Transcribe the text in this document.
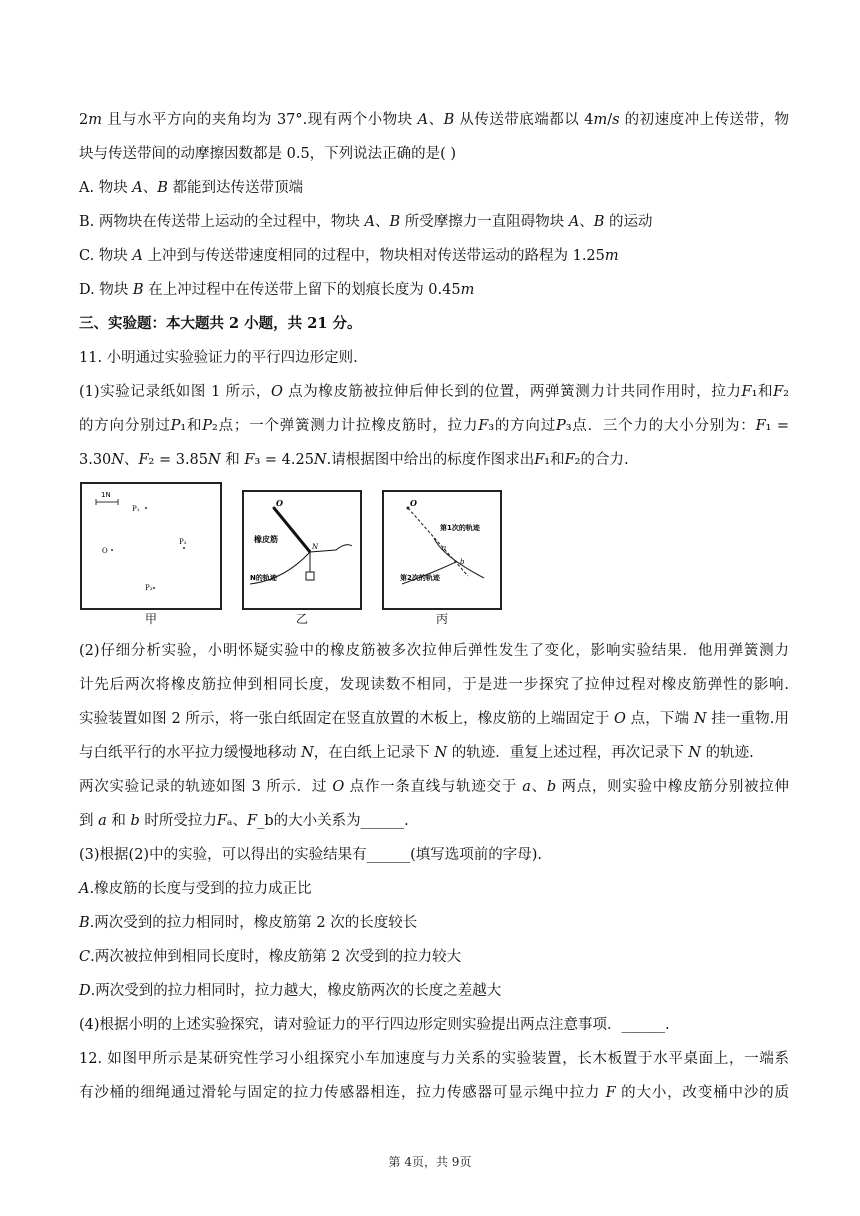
2𝑚 且与水平方向的夹角均为 37°.现有两个小物块 𝐴、𝐵 从传送带底端都以 4𝑚/𝑠 的初速度冲上传送带，物
块与传送带间的动摩擦因数都是 0.5，下列说法正确的是( )
A. 物块 𝐴、𝐵 都能到达传送带顶端
B. 两物块在传送带上运动的全过程中，物块 𝐴、𝐵 所受摩擦力一直阻碍物块 𝐴、𝐵 的运动
C. 物块 𝐴 上冲到与传送带速度相同的过程中，物块相对传送带运动的路程为 1.25𝑚
D. 物块 𝐵 在上冲过程中在传送带上留下的划痕长度为 0.45𝑚
三、实验题：本大题共 2 小题，共 21 分。
11. 小明通过实验验证力的平行四边形定则.
(1)实验记录纸如图 1 所示，𝑂 点为橡皮筋被拉伸后伸长到的位置，两弹簧测力计共同作用时，拉力𝐹₁和𝐹₂
的方向分别过𝑃₁和𝑃₂点；一个弹簧测力计拉橡皮筋时，拉力𝐹₃的方向过𝑃₃点．三个力的大小分别为：𝐹₁ =
3.30𝑁、𝐹₂ = 3.85𝑁 和 𝐹₃ = 4.25𝑁.请根据图中给出的标度作图求出𝐹₁和𝐹₂的合力.
1N
P₁
O
P₂
P₃
甲
O
橡皮筋
N
N的轨迹
乙
O
第1次的轨迹
a
b
第2次的轨迹
丙
(2)仔细分析实验，小明怀疑实验中的橡皮筋被多次拉伸后弹性发生了变化，影响实验结果．他用弹簧测力
计先后两次将橡皮筋拉伸到相同长度，发现读数不相同，于是进一步探究了拉伸过程对橡皮筋弹性的影响.
实验装置如图 2 所示，将一张白纸固定在竖直放置的木板上，橡皮筋的上端固定于 𝑂 点，下端 𝑁 挂一重物.用
与白纸平行的水平拉力缓慢地移动 𝑁，在白纸上记录下 𝑁 的轨迹．重复上述过程，再次记录下 𝑁 的轨迹.
两次实验记录的轨迹如图 3 所示．过 𝑂 点作一条直线与轨迹交于 𝑎、𝑏 两点，则实验中橡皮筋分别被拉伸
到 𝑎 和 𝑏 时所受拉力𝐹ₐ、𝐹_b的大小关系为______.
(3)根据(2)中的实验，可以得出的实验结果有______(填写选项前的字母).
𝐴.橡皮筋的长度与受到的拉力成正比
𝐵.两次受到的拉力相同时，橡皮筋第 2 次的长度较长
𝐶.两次被拉伸到相同长度时，橡皮筋第 2 次受到的拉力较大
𝐷.两次受到的拉力相同时，拉力越大，橡皮筋两次的长度之差越大
(4)根据小明的上述实验探究，请对验证力的平行四边形定则实验提出两点注意事项．______.
12. 如图甲所示是某研究性学习小组探究小车加速度与力关系的实验装置，长木板置于水平桌面上，一端系
有沙桶的细绳通过滑轮与固定的拉力传感器相连，拉力传感器可显示绳中拉力 𝐹 的大小，改变桶中沙的质
第 4页，共 9页
